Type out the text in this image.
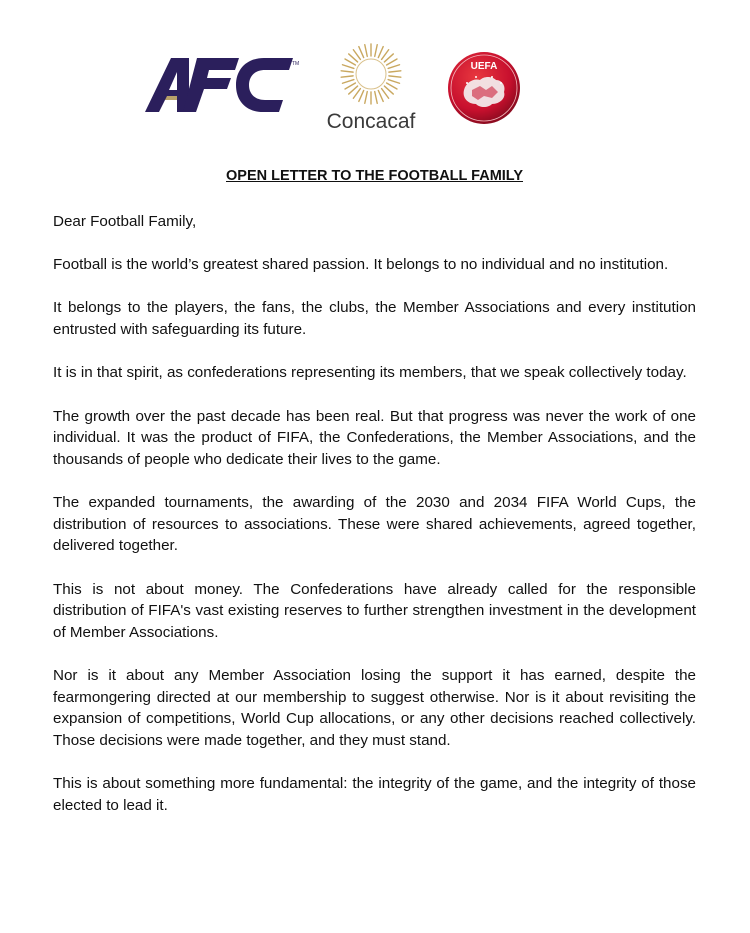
TM
Concacaf
UEFA
OPEN LETTER TO THE FOOTBALL FAMILY

Dear Football Family,

Football is the world’s greatest shared passion. It belongs to no individual and no institution.

It belongs to the players, the fans, the clubs, the Member Associations and every institution entrusted with safeguarding its future.

It is in that spirit, as confederations representing its members, that we speak collectively today.

The growth over the past decade has been real. But that progress was never the work of one individual. It was the product of FIFA, the Confederations, the Member Associations, and the thousands of people who dedicate their lives to the game.

The expanded tournaments, the awarding of the 2030 and 2034 FIFA World Cups, the distribution of resources to associations. These were shared achievements, agreed together, delivered together.

This is not about money. The Confederations have already called for the responsible distribution of FIFA's vast existing reserves to further strengthen investment in the development of Member Associations.

Nor is it about any Member Association losing the support it has earned, despite the fearmongering directed at our membership to suggest otherwise. Nor is it about revisiting the expansion of competitions, World Cup allocations, or any other decisions reached collectively. Those decisions were made together, and they must stand.

This is about something more fundamental: the integrity of the game, and the integrity of those elected to lead it.
